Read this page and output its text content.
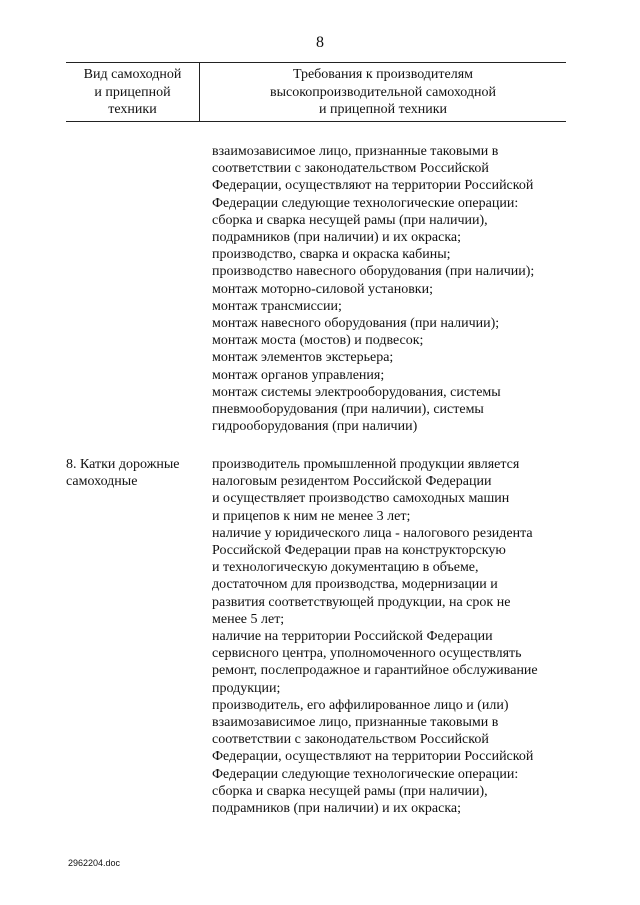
8
Вид самоходной
и прицепной
техники
Требования к производителям
высокопроизводительной самоходной
и прицепной техники
взаимозависимое лицо, признанные таковыми в
соответствии с законодательством Российской
Федерации, осуществляют на территории Российской
Федерации следующие технологические операции:
сборка и сварка несущей рамы (при наличии),
подрамников (при наличии) и их окраска;
производство, сварка и окраска кабины;
производство навесного оборудования (при наличии);
монтаж моторно-силовой установки;
монтаж трансмиссии;
монтаж навесного оборудования (при наличии);
монтаж моста (мостов) и подвесок;
монтаж элементов экстерьера;
монтаж органов управления;
монтаж системы электрооборудования, системы
пневмооборудования (при наличии), системы
гидрооборудования (при наличии)
8. Катки дорожные
самоходные
производитель промышленной продукции является
налоговым резидентом Российской Федерации
и осуществляет производство самоходных машин
и прицепов к ним не менее 3 лет;
наличие у юридического лица - налогового резидента
Российской Федерации прав на конструкторскую
и технологическую документацию в объеме,
достаточном для производства, модернизации и
развития соответствующей продукции, на срок не
менее 5 лет;
наличие на территории Российской Федерации
сервисного центра, уполномоченного осуществлять
ремонт, послепродажное и гарантийное обслуживание
продукции;
производитель, его аффилированное лицо и (или)
взаимозависимое лицо, признанные таковыми в
соответствии с законодательством Российской
Федерации, осуществляют на территории Российской
Федерации следующие технологические операции:
сборка и сварка несущей рамы (при наличии),
подрамников (при наличии) и их окраска;
2962204.doc
